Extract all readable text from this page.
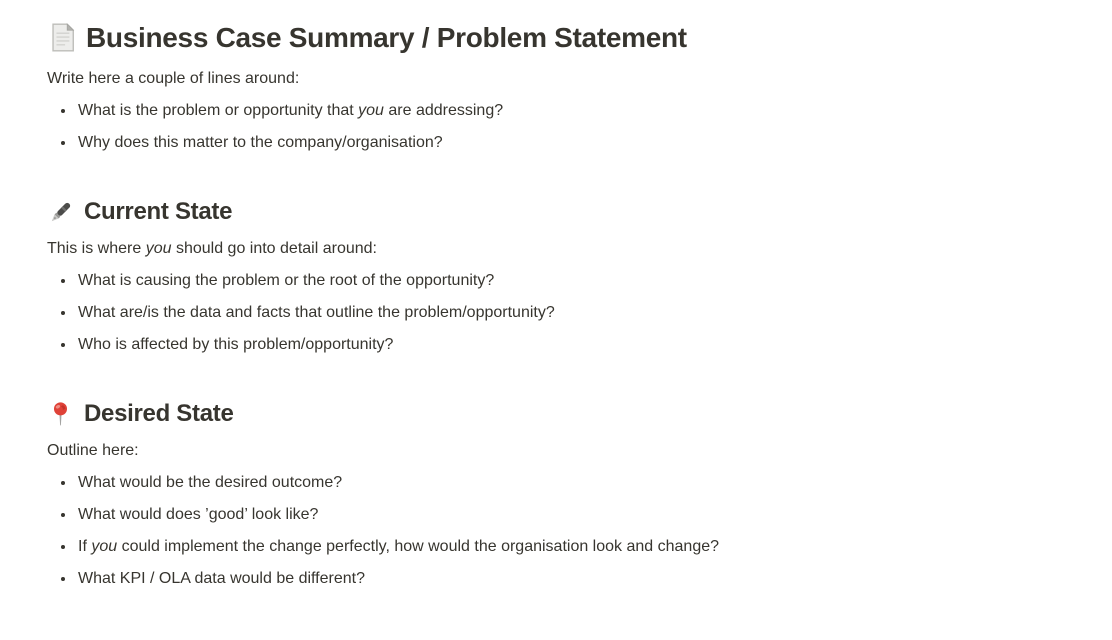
Business Case Summary / Problem Statement

Write here a couple of lines around:

• What is the problem or opportunity that you are addressing?
• Why does this matter to the company/organisation?
Current State

This is where you should go into detail around:

• What is causing the problem or the root of the opportunity?
• What are/is the data and facts that outline the problem/opportunity?
• Who is affected by this problem/opportunity?
Desired State

Outline here:

• What would be the desired outcome?
• What would does ’good’ look like?
• If you could implement the change perfectly, how would the organisation look and change?
• What KPI / OLA data would be different?
